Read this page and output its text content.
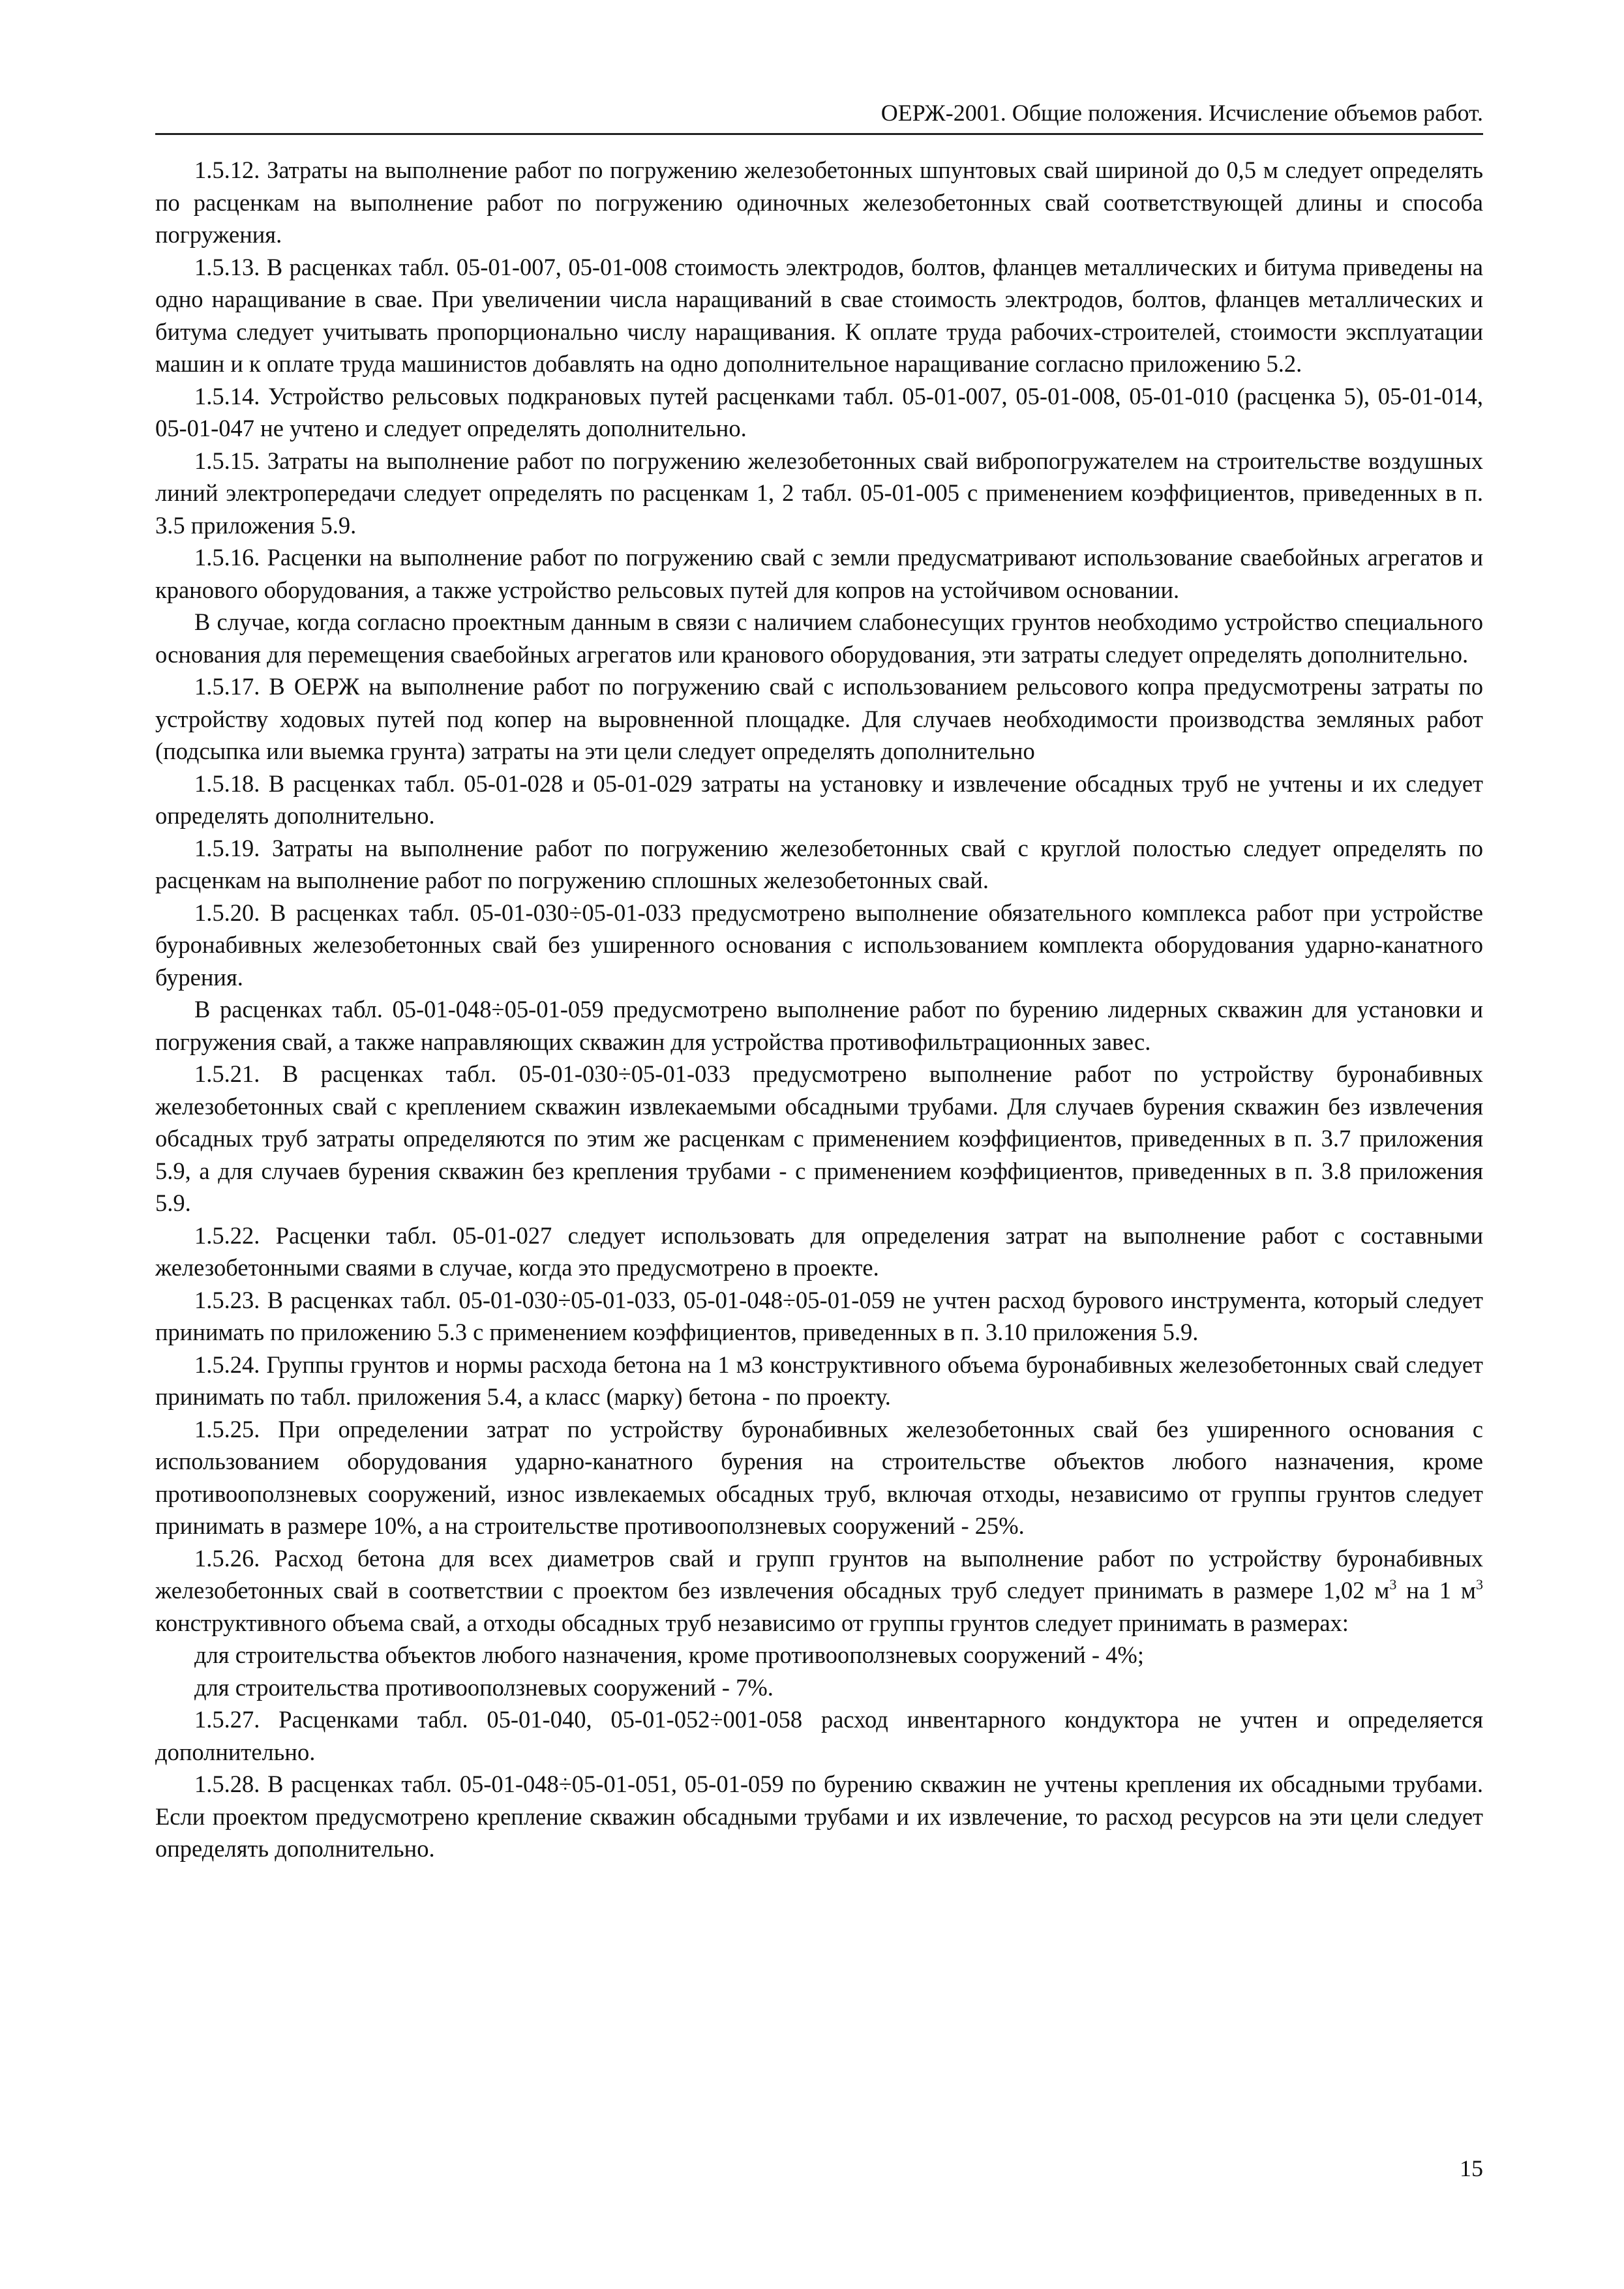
ОЕРЖ-2001. Общие положения. Исчисление объемов работ.

1.5.12. Затраты на выполнение работ по погружению железобетонных шпунтовых свай шириной до 0,5 м следует определять по расценкам на выполнение работ по погружению одиночных железобетонных свай соответствующей длины и способа погружения.

1.5.13. В расценках табл. 05-01-007, 05-01-008 стоимость электродов, болтов, фланцев металлических и битума приведены на одно наращивание в свае. При увеличении числа наращиваний в свае стоимость электродов, болтов, фланцев металлических и битума следует учитывать пропорционально числу наращивания. К оплате труда рабочих-строителей, стоимости эксплуатации машин и к оплате труда машинистов добавлять на одно дополнительное наращивание согласно приложению 5.2.

1.5.14. Устройство рельсовых подкрановых путей расценками табл. 05-01-007, 05-01-008, 05-01-010 (расценка 5), 05-01-014, 05-01-047 не учтено и следует определять дополнительно.

1.5.15. Затраты на выполнение работ по погружению железобетонных свай вибропогружателем на строительстве воздушных линий электропередачи следует определять по расценкам 1, 2 табл. 05-01-005 с применением коэффициентов, приведенных в п. 3.5 приложения 5.9.

1.5.16. Расценки на выполнение работ по погружению свай с земли предусматривают использование сваебойных агрегатов и кранового оборудования, а также устройство рельсовых путей для копров на устойчивом основании.

В случае, когда согласно проектным данным в связи с наличием слабонесущих грунтов необходимо устройство специального основания для перемещения сваебойных агрегатов или кранового оборудования, эти затраты следует определять дополнительно.

1.5.17. В ОЕРЖ на выполнение работ по погружению свай с использованием рельсового копра предусмотрены затраты по устройству ходовых путей под копер на выровненной площадке. Для случаев необходимости производства земляных работ (подсыпка или выемка грунта) затраты на эти цели следует определять дополнительно

1.5.18. В расценках табл. 05-01-028 и 05-01-029 затраты на установку и извлечение обсадных труб не учтены и их следует определять дополнительно.

1.5.19. Затраты на выполнение работ по погружению железобетонных свай с круглой полостью следует определять по расценкам на выполнение работ по погружению сплошных железобетонных свай.

1.5.20. В расценках табл. 05-01-030÷05-01-033 предусмотрено выполнение обязательного комплекса работ при устройстве буронабивных железобетонных свай без уширенного основания с использованием комплекта оборудования ударно-канатного бурения.

В расценках табл. 05-01-048÷05-01-059 предусмотрено выполнение работ по бурению лидерных скважин для установки и погружения свай, а также направляющих скважин для устройства противофильтрационных завес.

1.5.21. В расценках табл. 05-01-030÷05-01-033 предусмотрено выполнение работ по устройству буронабивных железобетонных свай с креплением скважин извлекаемыми обсадными трубами. Для случаев бурения скважин без извлечения обсадных труб затраты определяются по этим же расценкам с применением коэффициентов, приведенных в п. 3.7 приложения 5.9, а для случаев бурения скважин без крепления трубами - с применением коэффициентов, приведенных в п. 3.8 приложения 5.9.

1.5.22. Расценки табл. 05-01-027 следует использовать для определения затрат на выполнение работ с составными железобетонными сваями в случае, когда это предусмотрено в проекте.

1.5.23. В расценках табл. 05-01-030÷05-01-033, 05-01-048÷05-01-059 не учтен расход бурового инструмента, который следует принимать по приложению 5.3 с применением коэффициентов, приведенных в п. 3.10 приложения 5.9.

1.5.24. Группы грунтов и нормы расхода бетона на 1 м3 конструктивного объема буронабивных железобетонных свай следует принимать по табл. приложения 5.4, а класс (марку) бетона - по проекту.

1.5.25. При определении затрат по устройству буронабивных железобетонных свай без уширенного основания с использованием оборудования ударно-канатного бурения на строительстве объектов любого назначения, кроме противооползневых сооружений, износ извлекаемых обсадных труб, включая отходы, независимо от группы грунтов следует принимать в размере 10%, а на строительстве противооползневых сооружений - 25%.

1.5.26. Расход бетона для всех диаметров свай и групп грунтов на выполнение работ по устройству буронабивных железобетонных свай в соответствии с проектом без извлечения обсадных труб следует принимать в размере 1,02 $м^3$ на 1 $м^3$ конструктивного объема свай, а отходы обсадных труб независимо от группы грунтов следует принимать в размерах:

для строительства объектов любого назначения, кроме противооползневых сооружений - 4%;

для строительства противооползневых сооружений - 7%.

1.5.27. Расценками табл. 05-01-040, 05-01-052÷001-058 расход инвентарного кондуктора не учтен и определяется дополнительно.

1.5.28. В расценках табл. 05-01-048÷05-01-051, 05-01-059 по бурению скважин не учтены крепления их обсадными трубами. Если проектом предусмотрено крепление скважин обсадными трубами и их извлечение, то расход ресурсов на эти цели следует определять дополнительно.

15
